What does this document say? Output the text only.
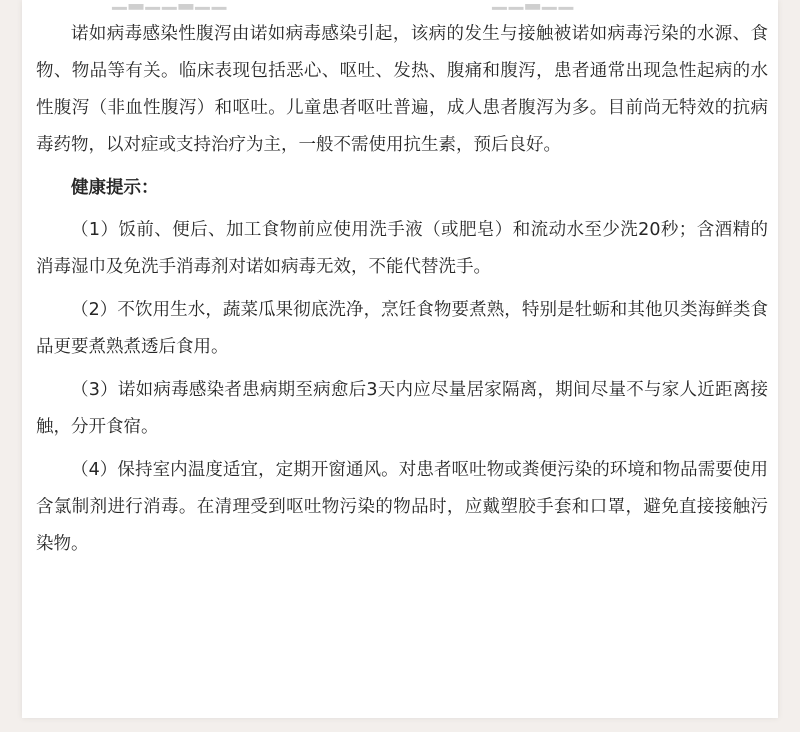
诺如病毒感染性腹泻由诺如病毒感染引起，该病的发生与接触被诺如病毒污染的水源、食物、物品等有关。临床表现包括恶心、呕吐、发热、腹痛和腹泻，患者通常出现急性起病的水性腹泻（非血性腹泻）和呕吐。儿童患者呕吐普遍，成人患者腹泻为多。目前尚无特效的抗病毒药物，以对症或支持治疗为主，一般不需使用抗生素，预后良好。

健康提示：

（1）饭前、便后、加工食物前应使用洗手液（或肥皂）和流动水至少洗20秒；含酒精的消毒湿巾及免洗手消毒剂对诺如病毒无效，不能代替洗手。

（2）不饮用生水，蔬菜瓜果彻底洗净，烹饪食物要煮熟，特别是牡蛎和其他贝类海鲜类食品更要煮熟煮透后食用。

（3）诺如病毒感染者患病期至病愈后3天内应尽量居家隔离，期间尽量不与家人近距离接触，分开食宿。

（4）保持室内温度适宜，定期开窗通风。对患者呕吐物或粪便污染的环境和物品需要使用含氯制剂进行消毒。在清理受到呕吐物污染的物品时，应戴塑胶手套和口罩，避免直接接触污染物。
